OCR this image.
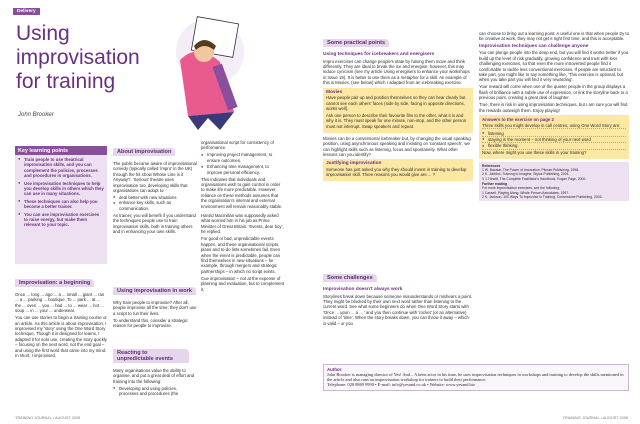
Delivery
Using improvisation for training
John Brooker
Key learning points
● Train people to use theatrical improvisation skills, and you can complement the policies, processes and procedures in organisations.
● Use improvisation techniques to help you develop skills in others which they can use in many situations.
● These techniques can also help you become a better trainer.
● You can use improvisation exercises to raise energy, but make them relevant to your topic.
Improvisation: a beginning

Once ... long ... ago ... a ... small ... giant ... ran ... a ... parking ... boutique. To ... park ... at ... the ... oven ... you ... had ... to ... wear ... hot ... soup ... in ... your ... underwear.

You can use stories to begin a training course or an article. As this article is about improvisation, I improvised my 'story' using the One Word Story technique. Though it is designed for teams, I adapted it for solo use, creating the story quickly – focusing on the next word, not the end goal – and using the first word that came into my mind. In short, I improvised.

About improvisation

The public became aware of improvisational comedy (typically called 'impro' in the UK) through the hit show Whose Line is it Anyway?. 'Serious' theatre uses improvisation too, developing skills that organisations can adopt to:

● deal better with new situations
● enhance key skills, such as communication.

As trainer, you will benefit if you understand the techniques people use to train improvisation skills, both in training others and in enhancing your own skills.

Using improvisation in work

Why train people to improvise? After all, people improvise all the time; they don't use a script to run their lives.

To understand this, consider a strategic reason for people to improvise.

Reacting to unpredictable events

Many organisations value the ability to organise, and put a great deal of effort and training into the following:

● Developing and using policies, processes and procedures (the

organisational script for consistency of performance.

● Improving project management, to ensure outcomes.
● Enhancing time management, to improve personal efficiency.

This indicates that individuals and organisations wish to gain control in order to make life more predictable. However, reliance on these methods assumes that the organisation's internal and external environment will remain reasonably stable.

Harold Macmillan was supposedly asked what worried him in his job as Prime Minister of Great Britain. 'Events, dear boy', he replied.

For good or bad, unpredictable events happen, and these organisational scripts, plans and to-do lists sometimes fail. Even when the event is predictable, people can find themselves in new situations – for example, through mergers and strategic partnerships – in which no script exists.

Cue improvisation – not at the expense of planning and evaluation, but to complement it,

Some practical points
Using techniques for icebreakers and energisers

Impro exercises can change people's state by having them move and think differently. They are ideal to break the ice and energise, however, this may induce cynicism (see my article Using energisers to enhance your workshops in Issue 19). It is better to use them as a metaphor for a skill. An example of this is Movies, (see below) which I adapted from an icebreaking exercise.

Movies

Have people pair up and position themselves so they can hear clearly but cannot see each others' faces (side by side, facing in opposite directions, works well).

Ask one person to describe their favourite film to the other, what it is and why it is. They must speak for one minute, non-stop, and the other person must not interrupt. Swap speakers and repeat.

Movies can be a conventional icebreaker but, by changing the usual speaking position, using asynchronous speaking and insisting on 'constant speech', we can highlight skills such as listening, focus and spontaneity. What other lessons can you identify?

Justifying improvisation

Someone has just asked you why they should invest in training to develop improvisation skill. Three reasons you would give are ... ?

Some challenges
Improvisation doesn't always work

Storylines break down because someone misunderstands or mishears a point. They might be blocked by their own next word rather than listening to the current word. See what some beginners do when One Word Story starts with 'Once ... upon ... a ... ' and you then continue with 'rocket' (or an alternative) instead of 'time'. When the story breaks down, you can throw it away – which is valid – or you

can choose to bring out a learning point. A useful one is that when people try to be creative at work, they may not get it right first time, and this is acceptable.

Improvisation techniques can challenge anyone

You can plunge people into the deep end, but you will find it works better if you build up the level of risk gradually, growing confidence and trust with less challenging exercises, so that even the more introverted people find it comfortable to tackle less conventional exercises. If people are reluctant to take part, you might like to say something like, 'This exercise is optional, but when you take part you will find it very rewarding'.

Your reward will come when one of the quieter people in the group displays a flash of brilliance with a subtle use of expression, or link the storyline back to a previous point, creating a great deal of laughter.

True, there is risk in using improvisation techniques, but I am sure you will find the rewards outweigh them. Enjoy playing!

Answers to the exercise on page 2

Three skills you might develop in call centres, using One Word Story are:

● listening
● staying in the moment – not thinking of your next word
● flexible thinking.

Now, where might you use these skills in your training?

References
1 W. Bazalar, The Power of Innovation, Pitman Publishing, 1998.
2 K. Jobbins, Training to Imagine, Stylus Publishing, 2001.
3 J. Hewitt, The Complete Facilitator's Handbook, Kogan Page, 2000.
Further reading
For more improvisation exercises, see the following:
1 Cassell, Playing Along, Whole Person Associates, 1997.
2 K. Jackson, 100 Ways To Improvise in Training, Cornerstone Publishing, 2003.
Author
John Brooker is managing director of Yes! And... A keen actor in his time, he uses improvisation techniques in workshops and training to develop the skills mentioned in the article and also runs an improvisation workshop for trainers to build their performance.
Telephone: 020 8869 9990 • E-mail: info@yesand.co.uk • Website: www.yesand.biz
TRAINING JOURNAL • AUGUST 2005	TRAINING JOURNAL • AUGUST 2005
